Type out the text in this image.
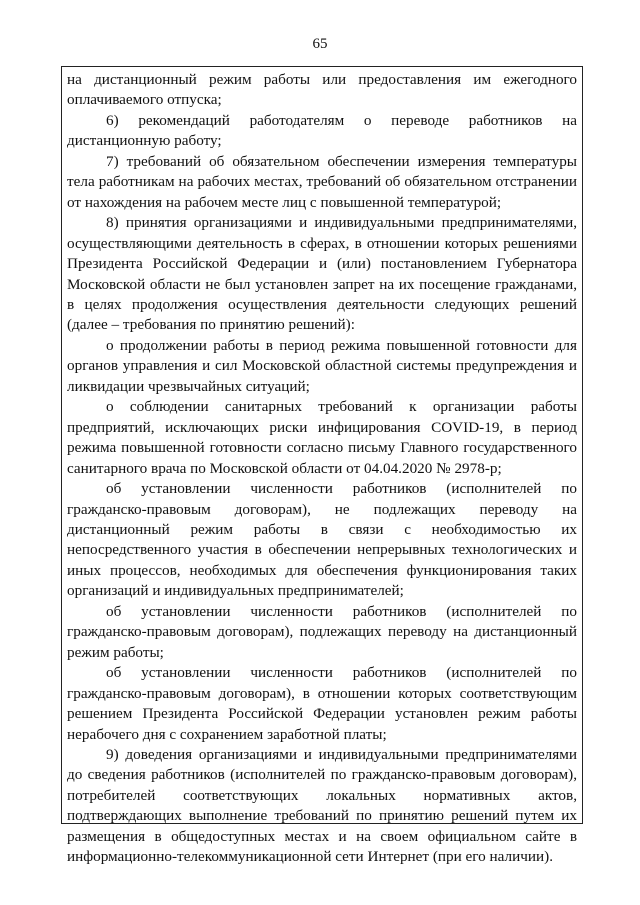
65

на дистанционный режим работы или предоставления им ежегодного оплачиваемого отпуска;

6) рекомендаций работодателям о переводе работников на дистанционную работу;

7) требований об обязательном обеспечении измерения температуры тела работникам на рабочих местах, требований об обязательном отстранении от нахождения на рабочем месте лиц с повышенной температурой;

8) принятия организациями и индивидуальными предпринимателями, осуществляющими деятельность в сферах, в отношении которых решениями Президента Российской Федерации и (или) постановлением Губернатора Московской области не был установлен запрет на их посещение гражданами, в целях продолжения осуществления деятельности следующих решений (далее – требования по принятию решений):

о продолжении работы в период режима повышенной готовности для органов управления и сил Московской областной системы предупреждения и ликвидации чрезвычайных ситуаций;

о соблюдении санитарных требований к организации работы предприятий, исключающих риски инфицирования COVID-19, в период режима повышенной готовности согласно письму Главного государственного санитарного врача по Московской области от 04.04.2020 № 2978-р;

об установлении численности работников (исполнителей по гражданско-правовым договорам), не подлежащих переводу на дистанционный режим работы в связи с необходимостью их непосредственного участия в обеспечении непрерывных технологических и иных процессов, необходимых для обеспечения функционирования таких организаций и индивидуальных предпринимателей;

об установлении численности работников (исполнителей по гражданско-правовым договорам), подлежащих переводу на дистанционный режим работы;

об установлении численности работников (исполнителей по гражданско-правовым договорам), в отношении которых соответствующим решением Президента Российской Федерации установлен режим работы нерабочего дня с сохранением заработной платы;

9) доведения организациями и индивидуальными предпринимателями до сведения работников (исполнителей по гражданско-правовым договорам), потребителей соответствующих локальных нормативных актов, подтверждающих выполнение требований по принятию решений путем их размещения в общедоступных местах и на своем официальном сайте в информационно-телекоммуникационной сети Интернет (при его наличии).
